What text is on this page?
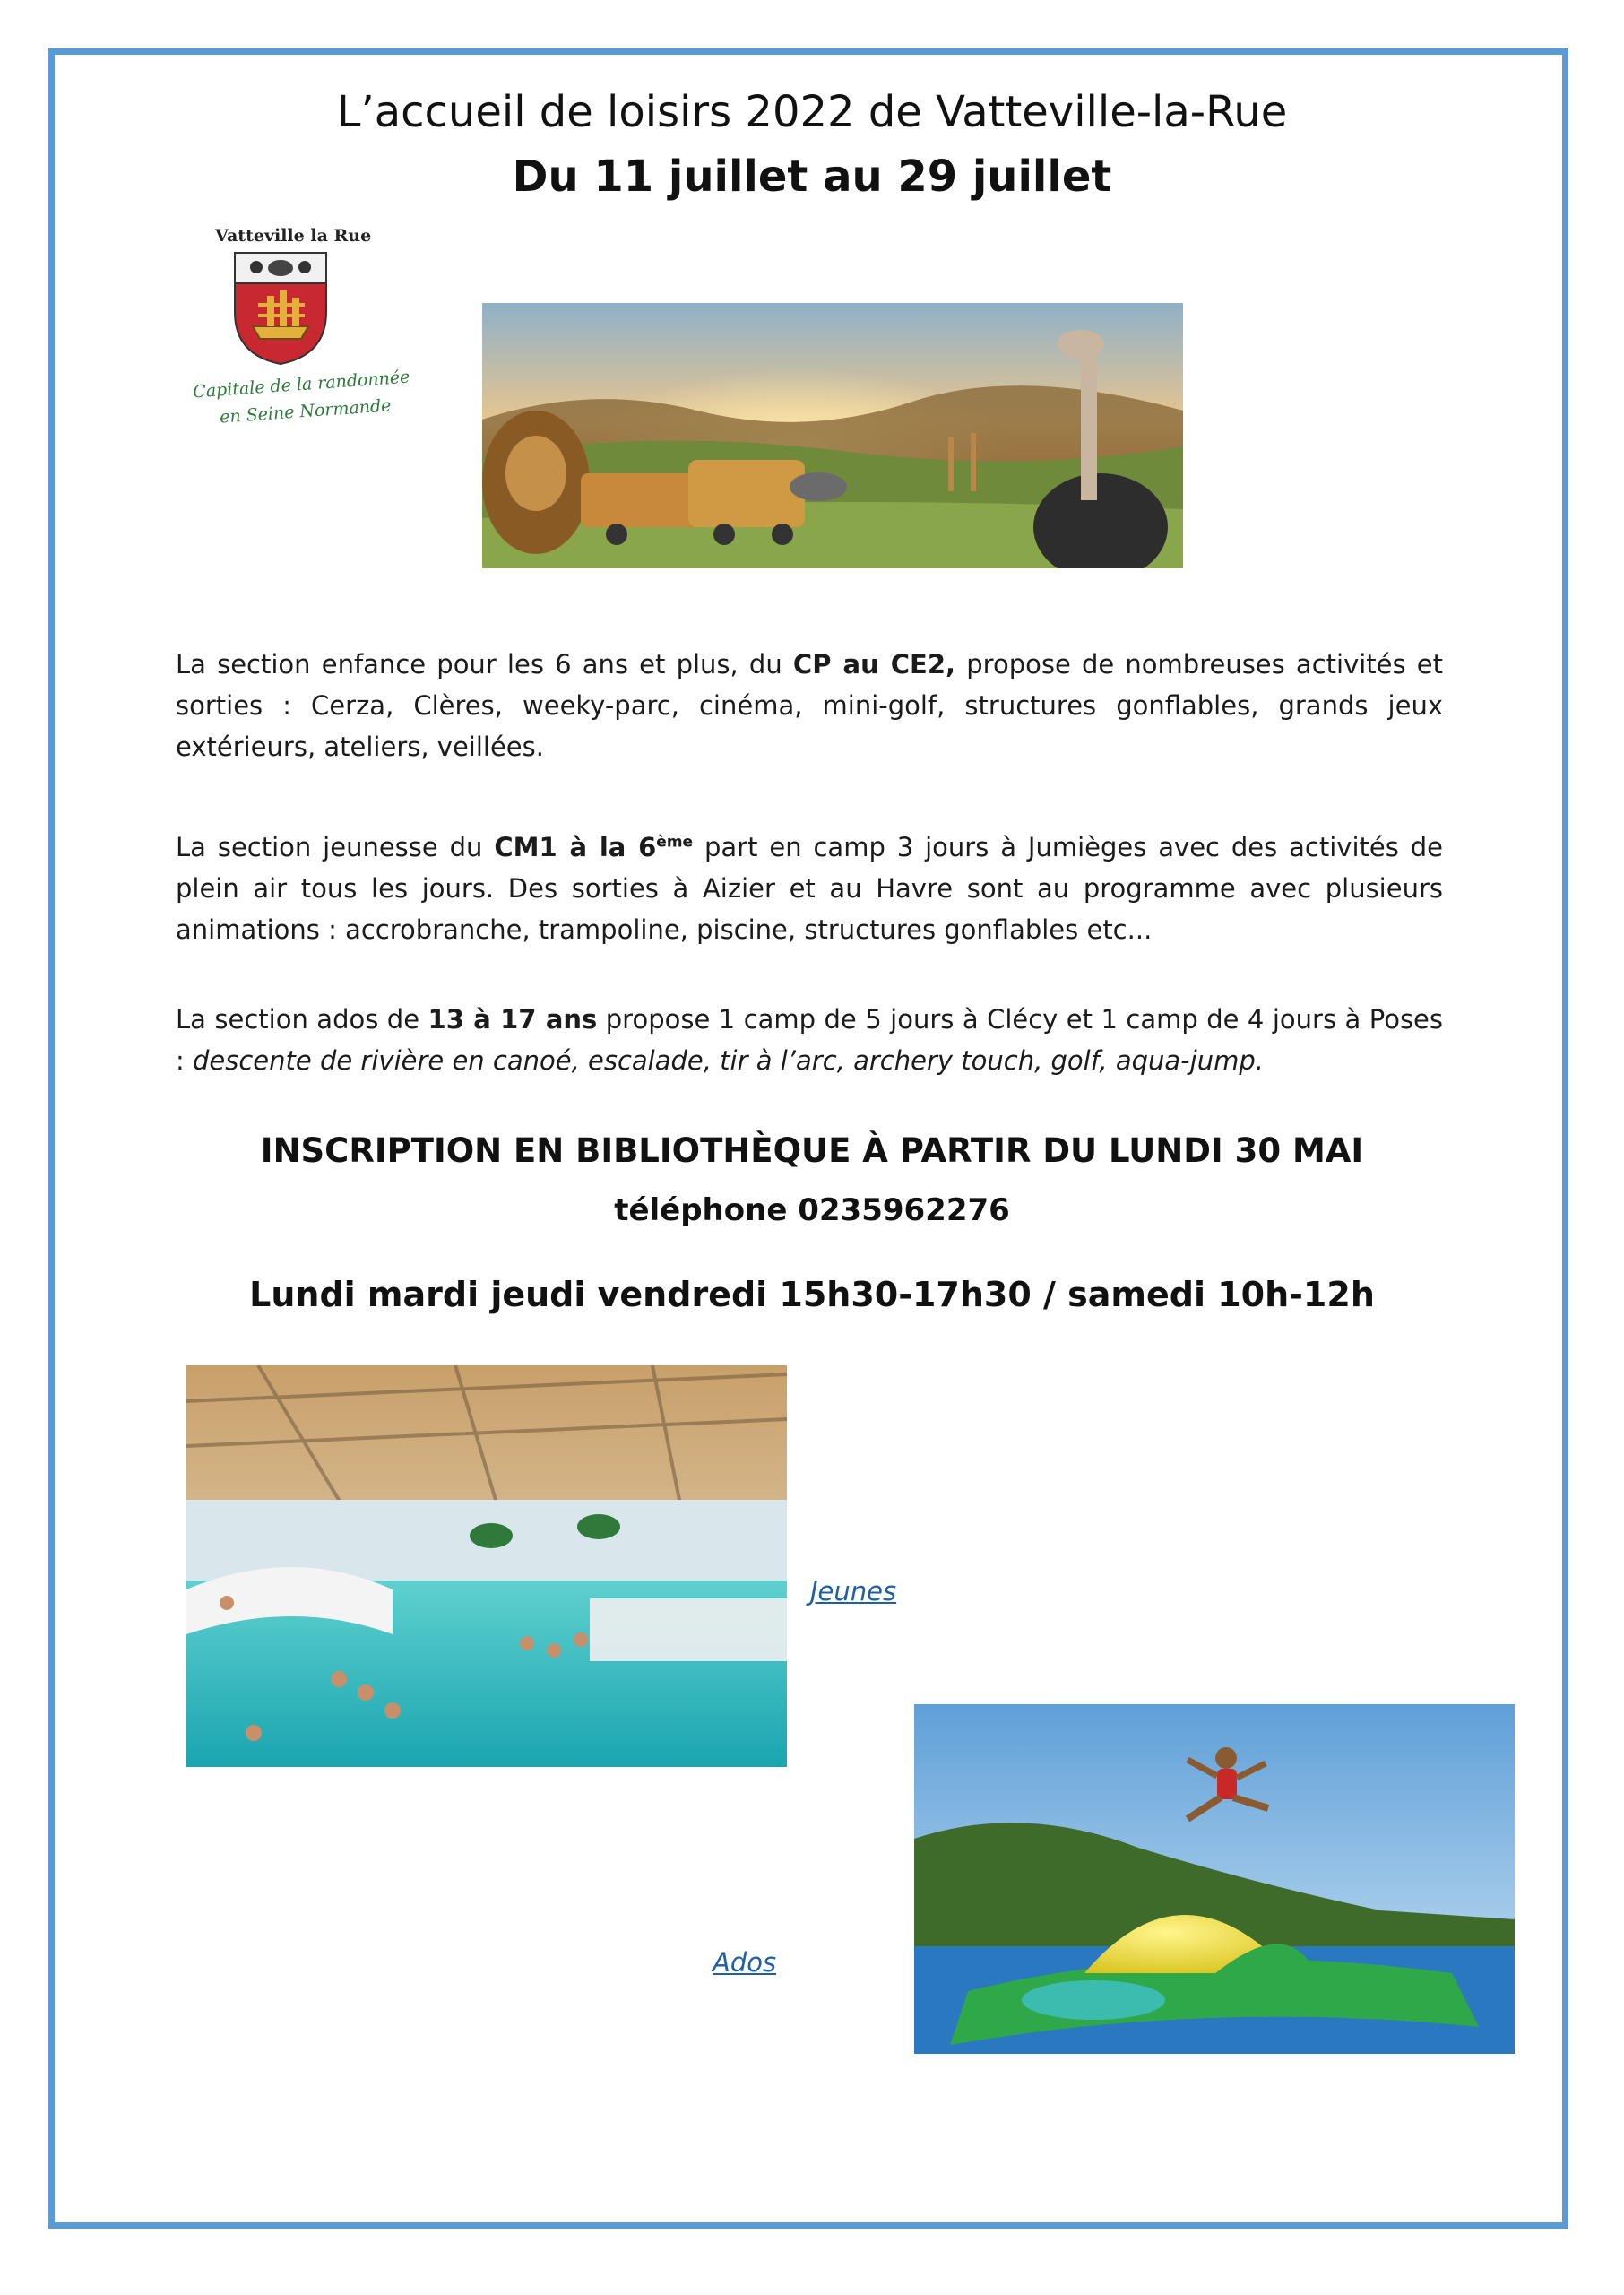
L’accueil de loisirs 2022 de Vatteville-la-Rue
Du 11 juillet au 29 juillet
Vatteville la Rue
Capitale de la randonnée
en Seine Normande
La section enfance pour les 6 ans et plus, du CP au CE2, propose de nombreuses activités et sorties : Cerza, Clères, weeky-parc, cinéma, mini-golf, structures gonflables, grands jeux extérieurs, ateliers, veillées.
La section jeunesse du CM1 à la 6ème part en camp 3 jours à Jumièges avec des activités de plein air tous les jours. Des sorties à Aizier et au Havre sont au programme avec plusieurs animations : accrobranche, trampoline, piscine, structures gonflables etc...
La section ados de 13 à 17 ans propose 1 camp de 5 jours à Clécy et 1 camp de 4 jours à Poses : descente de rivière en canoé, escalade, tir à l’arc, archery touch, golf, aqua-jump.
INSCRIPTION EN BIBLIOTHÈQUE À PARTIR DU LUNDI 30 MAI
téléphone 0235962276
Lundi mardi jeudi vendredi 15h30-17h30 / samedi 10h-12h
Jeunes
Ados
